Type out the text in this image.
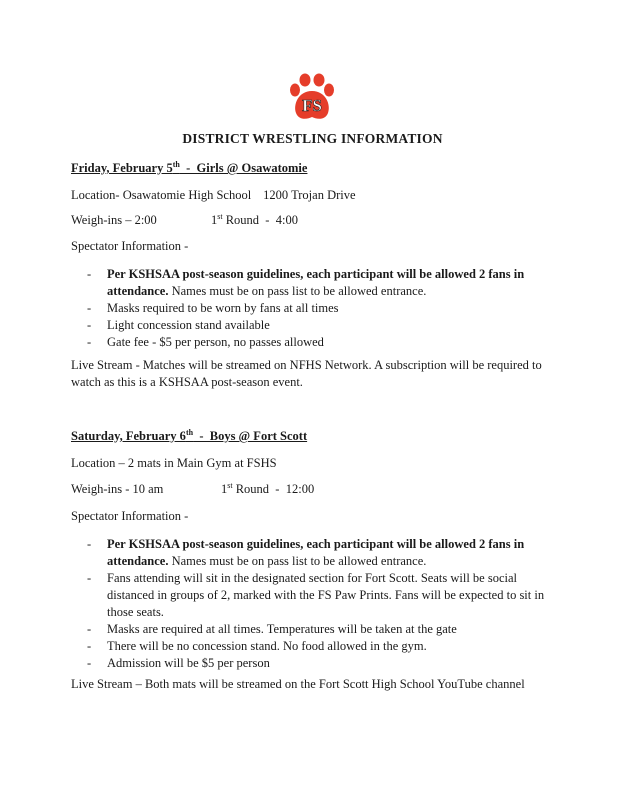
FS
DISTRICT WRESTLING INFORMATION
Friday, February 5th  -  Girls @ Osawatomie
Location- Osawatomie High School 1200 Trojan Drive
Weigh-ins – 2:00	1st Round  -  4:00
Spectator Information -
- Per KSHSAA post-season guidelines, each participant will be allowed 2 fans in attendance. Names must be on pass list to be allowed entrance.
- Masks required to be worn by fans at all times
- Light concession stand available
- Gate fee - $5 per person, no passes allowed
Live Stream - Matches will be streamed on NFHS Network. A subscription will be required to watch as this is a KSHSAA post-season event.
Saturday, February 6th  -  Boys @ Fort Scott
Location – 2 mats in Main Gym at FSHS
Weigh-ins - 10 am	1st Round  -  12:00
Spectator Information -
- Per KSHSAA post-season guidelines, each participant will be allowed 2 fans in attendance. Names must be on pass list to be allowed entrance.
- Fans attending will sit in the designated section for Fort Scott. Seats will be social distanced in groups of 2, marked with the FS Paw Prints. Fans will be expected to sit in those seats.
- Masks are required at all times. Temperatures will be taken at the gate
- There will be no concession stand. No food allowed in the gym.
- Admission will be $5 per person
Live Stream – Both mats will be streamed on the Fort Scott High School YouTube channel
